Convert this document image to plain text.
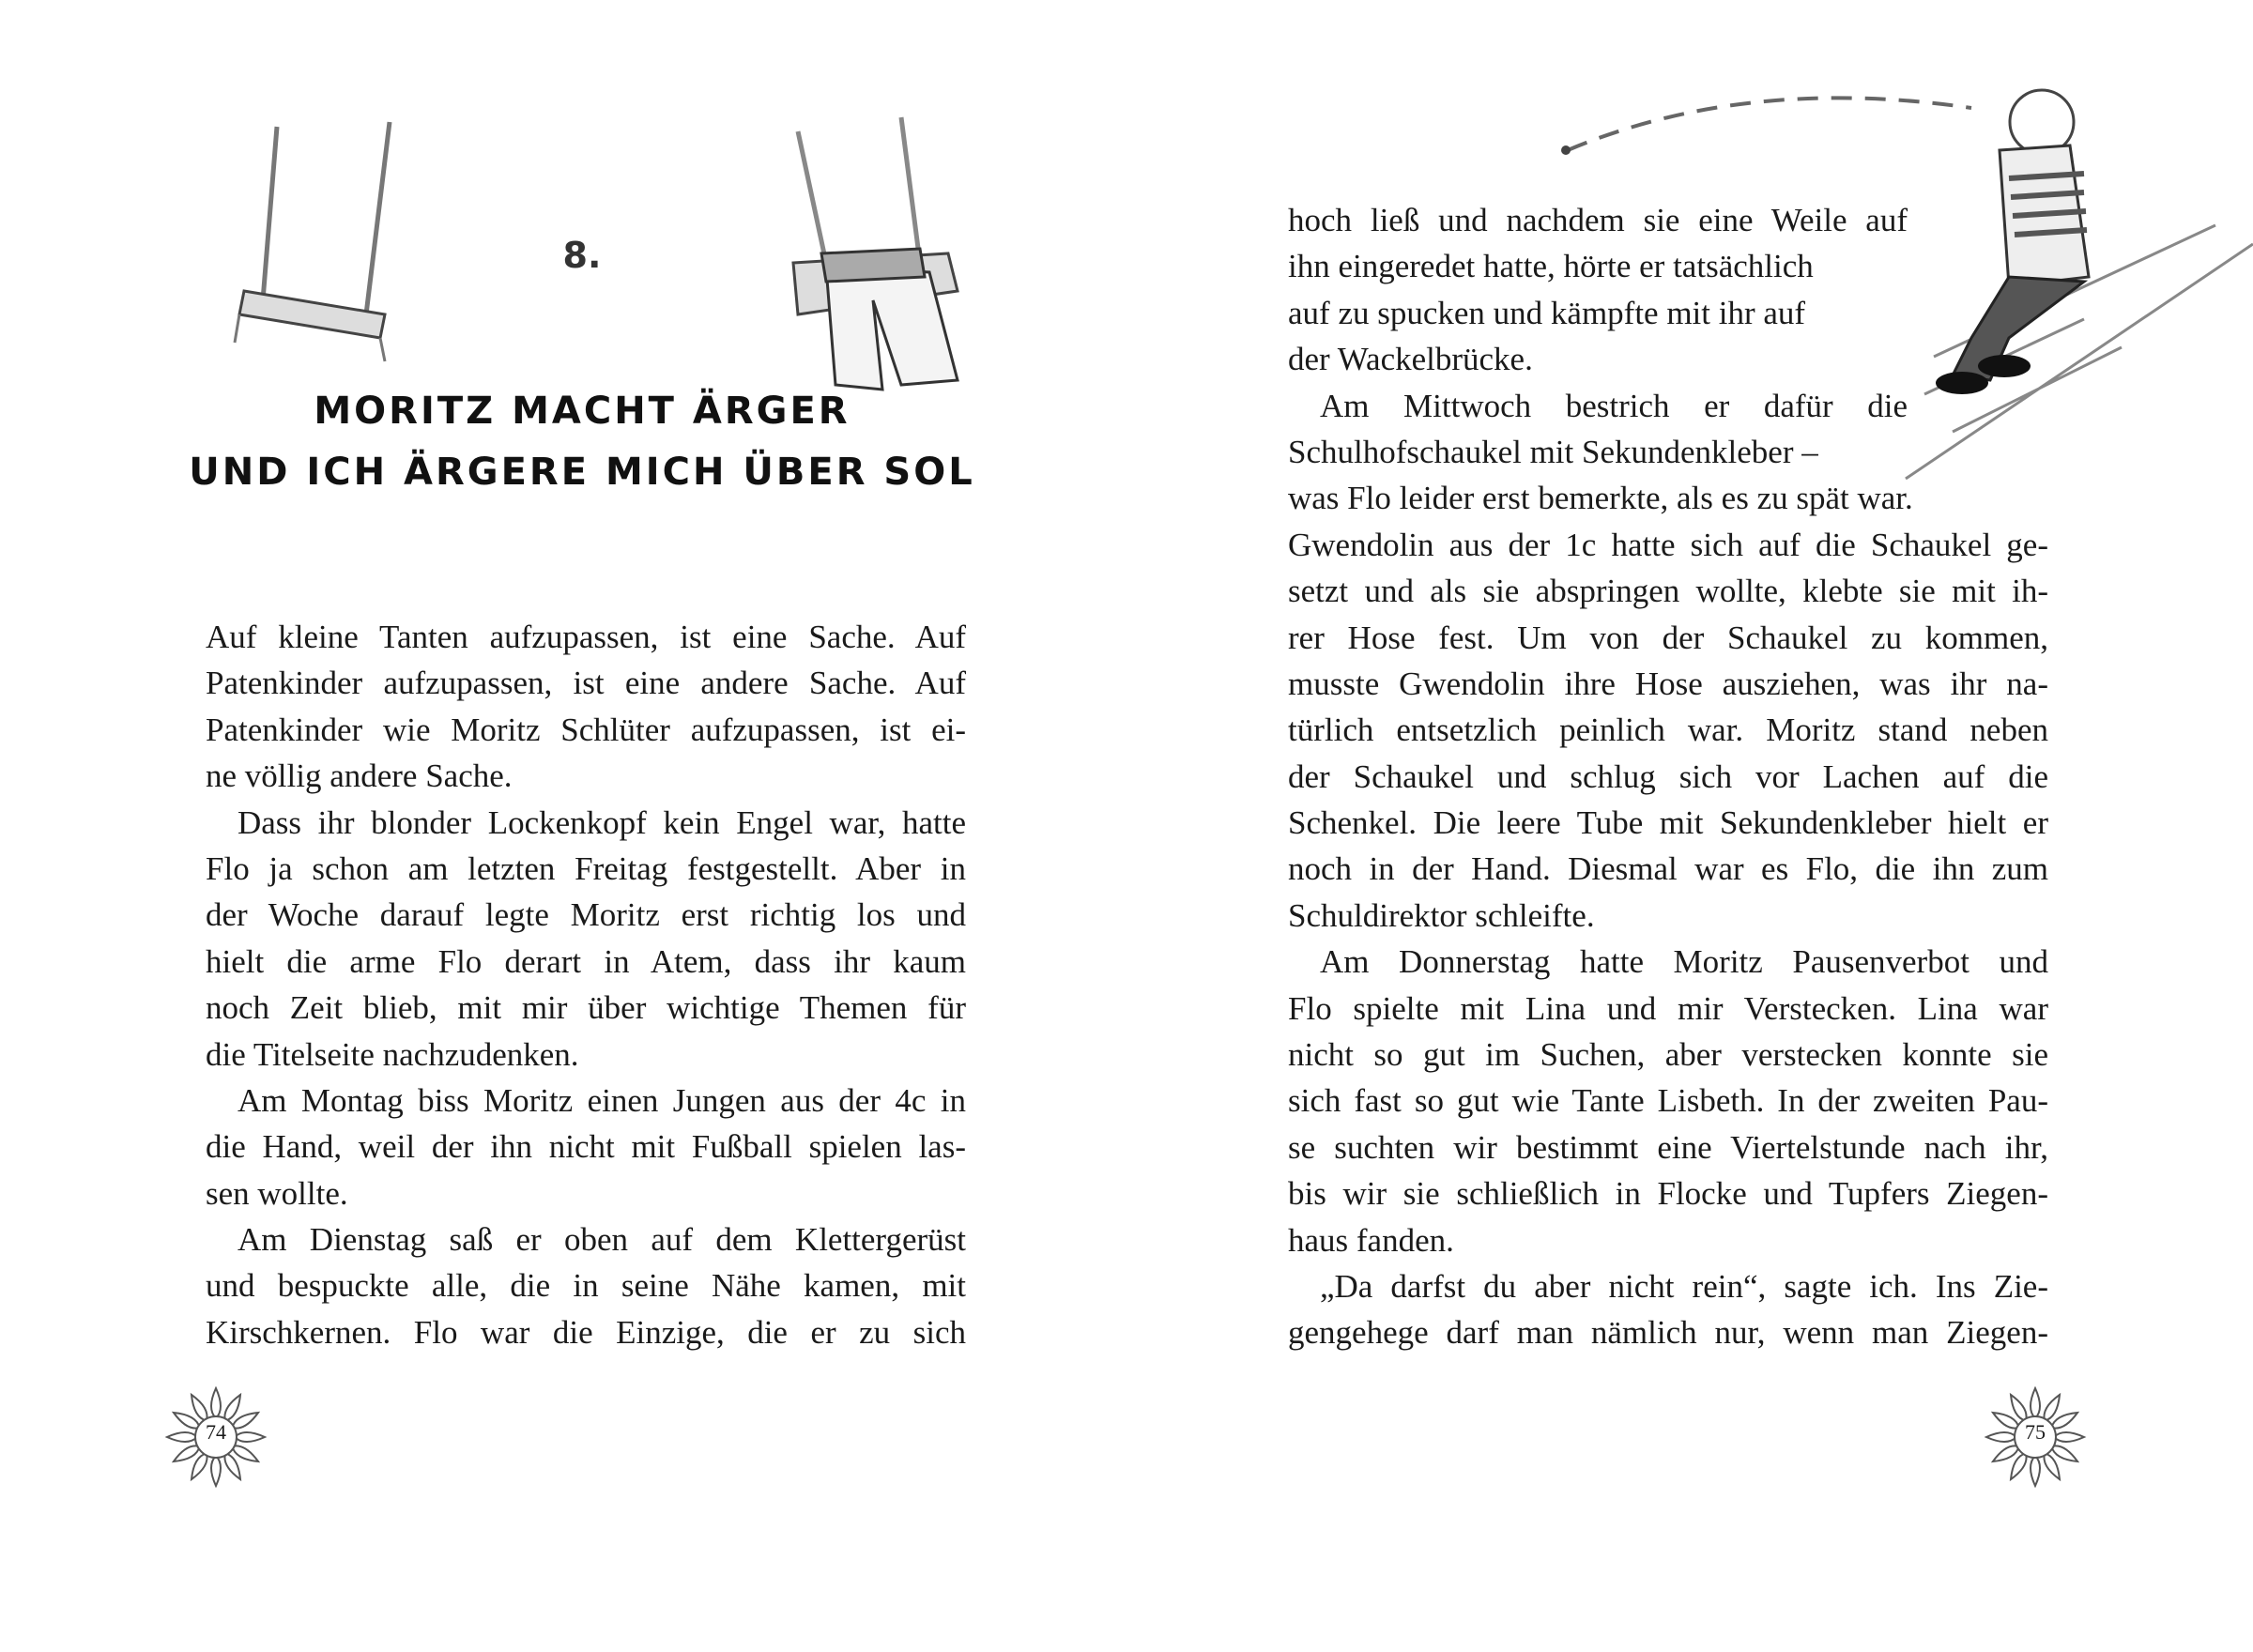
8.
MORITZ MACHT ÄRGER
UND ICH ÄRGERE MICH ÜBER SOL
Auf kleine Tanten aufzupassen, ist eine Sache. Auf
Patenkinder aufzupassen, ist eine andere Sache. Auf
Patenkinder wie Moritz Schlüter aufzupassen, ist ei-
ne völlig andere Sache.
Dass ihr blonder Lockenkopf kein Engel war, hatte
Flo ja schon am letzten Freitag festgestellt. Aber in
der Woche darauf legte Moritz erst richtig los und
hielt die arme Flo derart in Atem, dass ihr kaum
noch Zeit blieb, mit mir über wichtige Themen für
die Titelseite nachzudenken.
Am Montag biss Moritz einen Jungen aus der 4c in
die Hand, weil der ihn nicht mit Fußball spielen las-
sen wollte.
Am Dienstag saß er oben auf dem Klettergerüst
und bespuckte alle, die in seine Nähe kamen, mit
Kirschkernen. Flo war die Einzige, die er zu sich
hoch ließ und nachdem sie eine Weile auf
ihn eingeredet hatte, hörte er tatsächlich
auf zu spucken und kämpfte mit ihr auf
der Wackelbrücke.
Am Mittwoch bestrich er dafür die
Schulhofschaukel mit Sekundenkleber –
was Flo leider erst bemerkte, als es zu spät war.
Gwendolin aus der 1c hatte sich auf die Schaukel ge-
setzt und als sie abspringen wollte, klebte sie mit ih-
rer Hose fest. Um von der Schaukel zu kommen,
musste Gwendolin ihre Hose ausziehen, was ihr na-
türlich entsetzlich peinlich war. Moritz stand neben
der Schaukel und schlug sich vor Lachen auf die
Schenkel. Die leere Tube mit Sekundenkleber hielt er
noch in der Hand. Diesmal war es Flo, die ihn zum
Schuldirektor schleifte.
Am Donnerstag hatte Moritz Pausenverbot und
Flo spielte mit Lina und mir Verstecken. Lina war
nicht so gut im Suchen, aber verstecken konnte sie
sich fast so gut wie Tante Lisbeth. In der zweiten Pau-
se suchten wir bestimmt eine Viertelstunde nach ihr,
bis wir sie schließlich in Flocke und Tupfers Ziegen-
haus fanden.
„Da darfst du aber nicht rein“, sagte ich. Ins Zie-
gengehege darf man nämlich nur, wenn man Ziegen-
74	75
